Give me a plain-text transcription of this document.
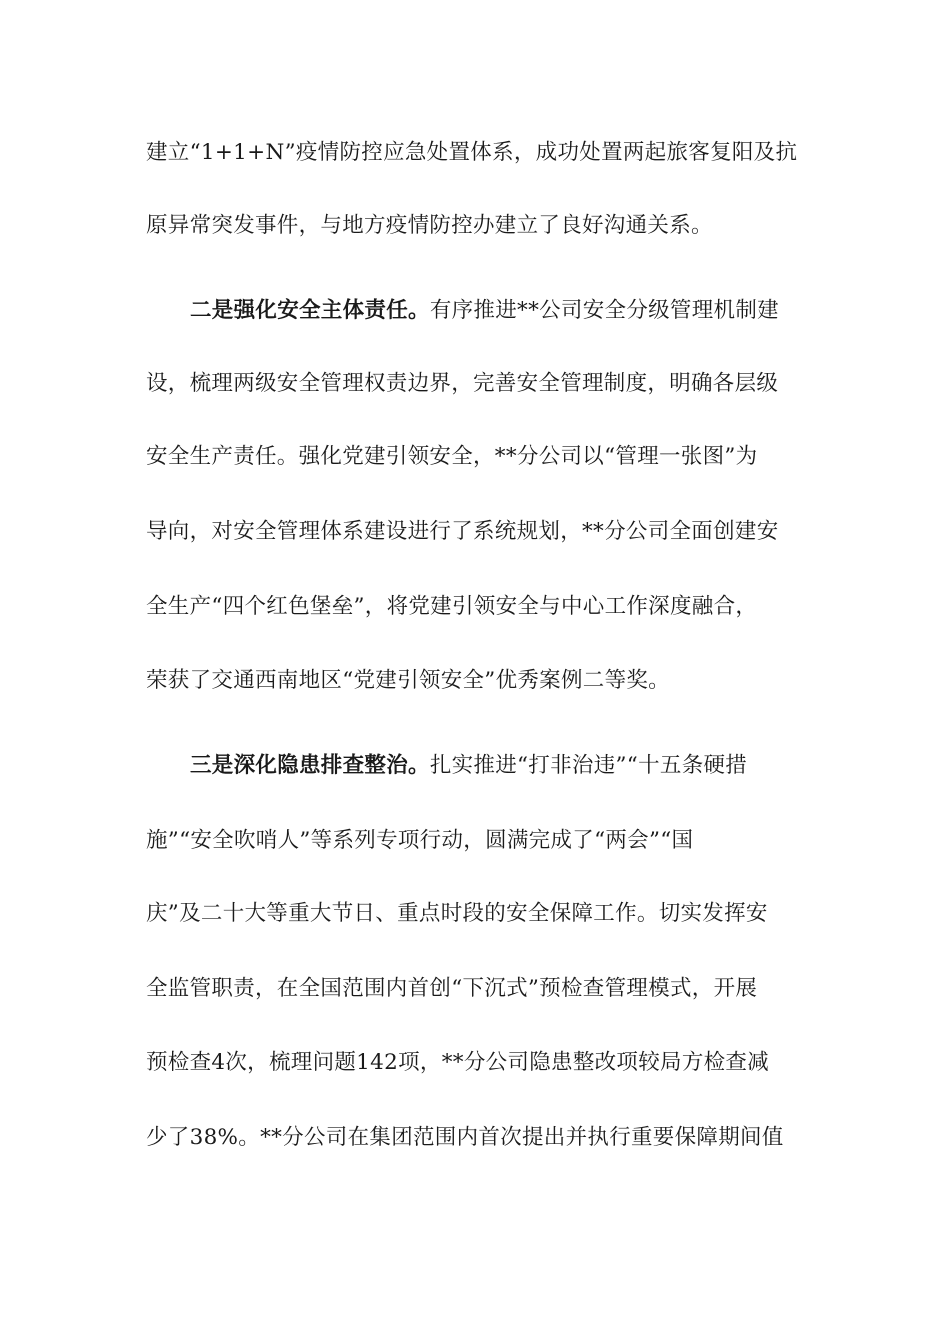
建立“1+1+N”疫情防控应急处置体系，成功处置两起旅客复阳及抗
原异常突发事件，与地方疫情防控办建立了良好沟通关系。
二是强化安全主体责任。有序推进**公司安全分级管理机制建
设，梳理两级安全管理权责边界，完善安全管理制度，明确各层级
安全生产责任。强化党建引领安全，**分公司以“管理一张图”为
导向，对安全管理体系建设进行了系统规划，**分公司全面创建安
全生产“四个红色堡垒”，将党建引领安全与中心工作深度融合，
荣获了交通西南地区“党建引领安全”优秀案例二等奖。
三是深化隐患排查整治。扎实推进“打非治违”“十五条硬措
施”“安全吹哨人”等系列专项行动，圆满完成了“两会”“国
庆”及二十大等重大节日、重点时段的安全保障工作。切实发挥安
全监管职责，在全国范围内首创“下沉式”预检查管理模式，开展
预检查4次，梳理问题142项，**分公司隐患整改项较局方检查减
少了38%。**分公司在集团范围内首次提出并执行重要保障期间值
